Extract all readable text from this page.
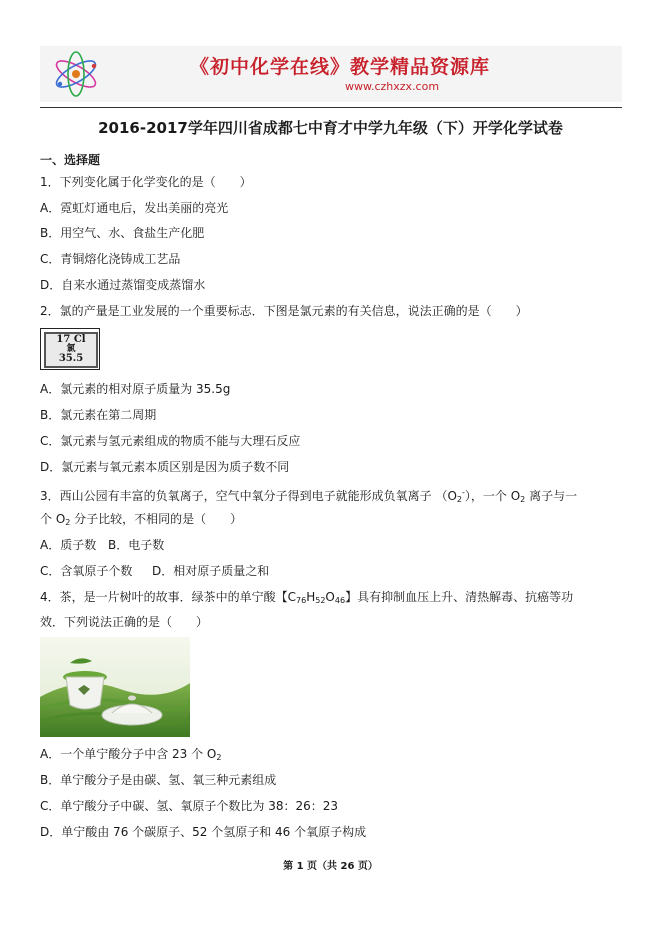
《初中化学在线》教学精品资源库
www.czhxzx.com
2016-2017学年四川省成都七中育才中学九年级（下）开学化学试卷
一、选择题
1．下列变化属于化学变化的是（　　）
A．霓虹灯通电后，发出美丽的亮光
B．用空气、水、食盐生产化肥
C．青铜熔化浇铸成工艺品
D．自来水通过蒸馏变成蒸馏水
2．氯的产量是工业发展的一个重要标志．下图是氯元素的有关信息，说法正确的是（　　）
17 Cl
氯
35.5
A．氯元素的相对原子质量为 35.5g
B．氯元素在第二周期
C．氯元素与氢元素组成的物质不能与大理石反应
D．氯元素与氧元素本质区别是因为质子数不同
3．西山公园有丰富的负氧离子，空气中氧分子得到电子就能形成负氧离子 $(O_2^-)$，一个 $O_2$ 离子与一
个 $O_2$ 分子比较，不相同的是（　　）
A．质子数 B．电子数
C．含氧原子个数 D．相对原子质量之和
4．茶，是一片树叶的故事．绿茶中的单宁酸【$C_{76}H_{52}O_{46}$】具有抑制血压上升、清热解毒、抗癌等功
效．下列说法正确的是（　　）
A．一个单宁酸分子中含 23 个 $O_2$
B．单宁酸分子是由碳、氢、氧三种元素组成
C．单宁酸分子中碳、氢、氧原子个数比为 38：26：23
D．单宁酸由 76 个碳原子、52 个氢原子和 46 个氧原子构成
第 1 页（共 26 页）
